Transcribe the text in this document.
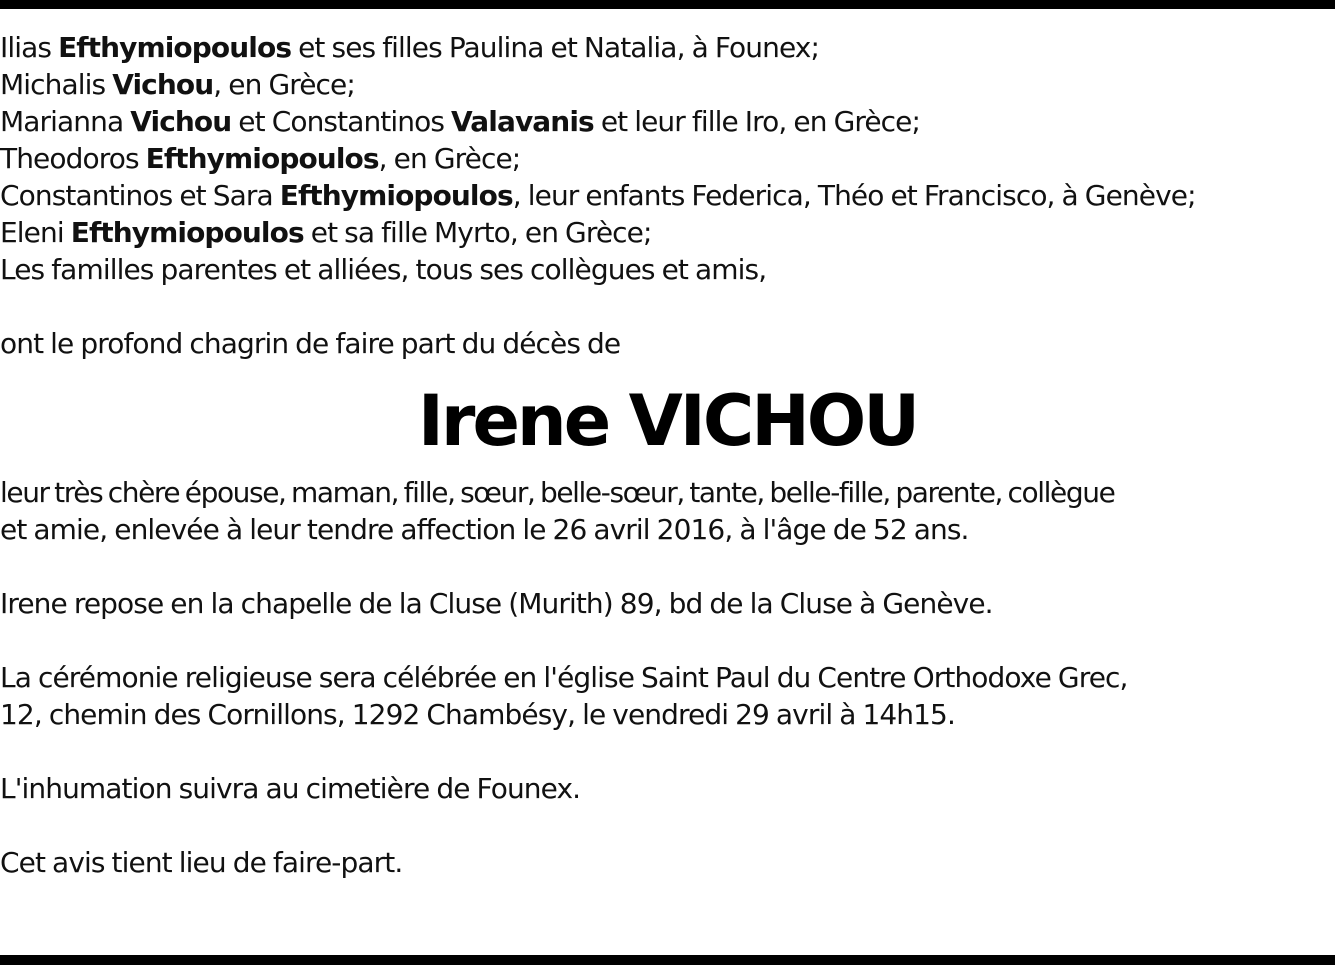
Ilias Efthymiopoulos et ses filles Paulina et Natalia, à Founex;
Michalis Vichou, en Grèce;
Marianna Vichou et Constantinos Valavanis et leur fille Iro, en Grèce;
Theodoros Efthymiopoulos, en Grèce;
Constantinos et Sara Efthymiopoulos, leur enfants Federica, Théo et Francisco, à Genève;
Eleni Efthymiopoulos et sa fille Myrto, en Grèce;
Les familles parentes et alliées, tous ses collègues et amis,
ont le profond chagrin de faire part du décès de
Irene VICHOU
leur très chère épouse, maman, fille, sœur, belle-sœur, tante, belle-fille, parente, collègue
et amie, enlevée à leur tendre affection le 26 avril 2016, à l'âge de 52 ans.
Irene repose en la chapelle de la Cluse (Murith) 89, bd de la Cluse à Genève.
La cérémonie religieuse sera célébrée en l'église Saint Paul du Centre Orthodoxe Grec,
12, chemin des Cornillons, 1292 Chambésy, le vendredi 29 avril à 14h15.
L'inhumation suivra au cimetière de Founex.
Cet avis tient lieu de faire-part.
